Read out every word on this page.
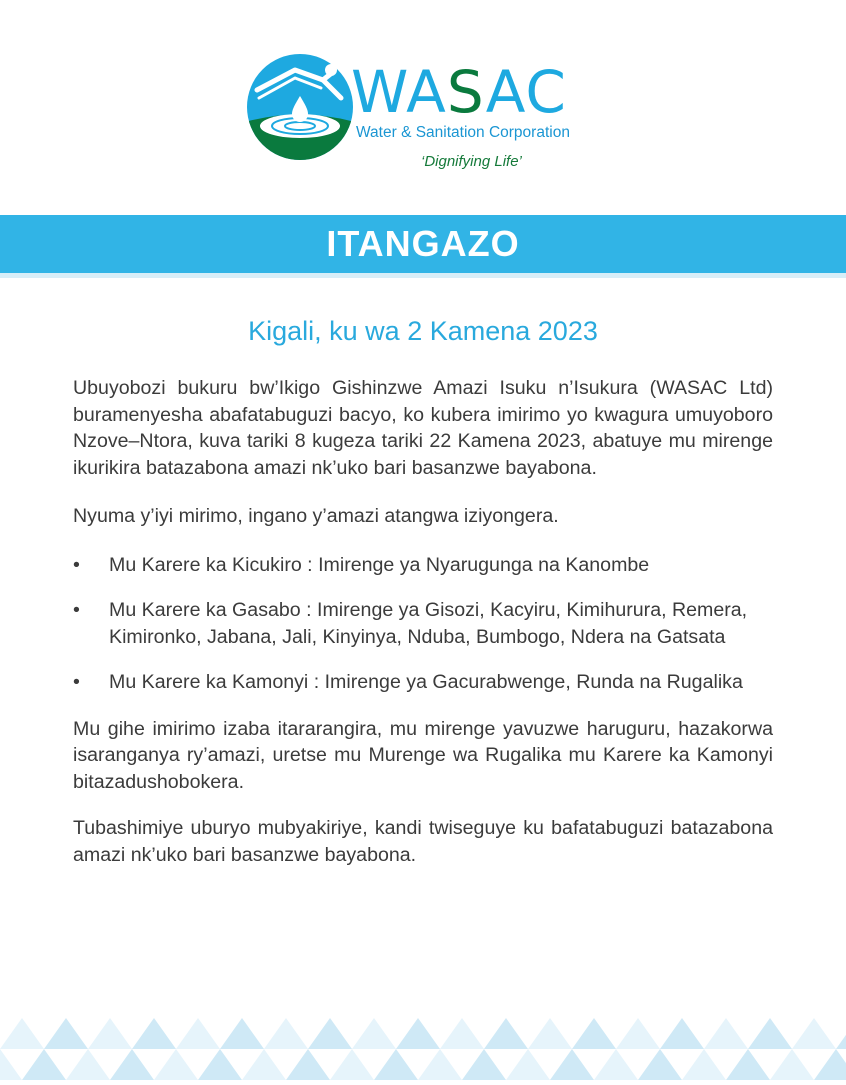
WASAC
Water & Sanitation Corporation
‘Dignifying Life’
ITANGAZO
Kigali, ku wa 2 Kamena 2023

Ubuyobozi bukuru bw’Ikigo Gishinzwe Amazi Isuku n’Isukura (WASAC Ltd) buramenyesha abafatabuguzi bacyo, ko kubera imirimo yo kwagura umuyoboro Nzove–Ntora, kuva tariki 8 kugeza tariki 22 Kamena 2023, abatuye mu mirenge ikurikira batazabona amazi nk’uko bari basanzwe bayabona.

Nyuma y’iyi mirimo, ingano y’amazi atangwa iziyongera.

• Mu Karere ka Kicukiro : Imirenge ya Nyarugunga na Kanombe
• Mu Karere ka Gasabo : Imirenge ya Gisozi, Kacyiru, Kimihurura, Remera, Kimironko, Jabana, Jali, Kinyinya, Nduba, Bumbogo, Ndera na Gatsata
• Mu Karere ka Kamonyi : Imirenge ya Gacurabwenge, Runda na Rugalika

Mu gihe imirimo izaba itararangira, mu mirenge yavuzwe haruguru, hazakorwa isaranganya ry’amazi, uretse mu Murenge wa Rugalika mu Karere ka Kamonyi bitazadushobokera.

Tubashimiye uburyo mubyakiriye, kandi twiseguye ku bafatabuguzi batazabona amazi nk’uko bari basanzwe bayabona.
